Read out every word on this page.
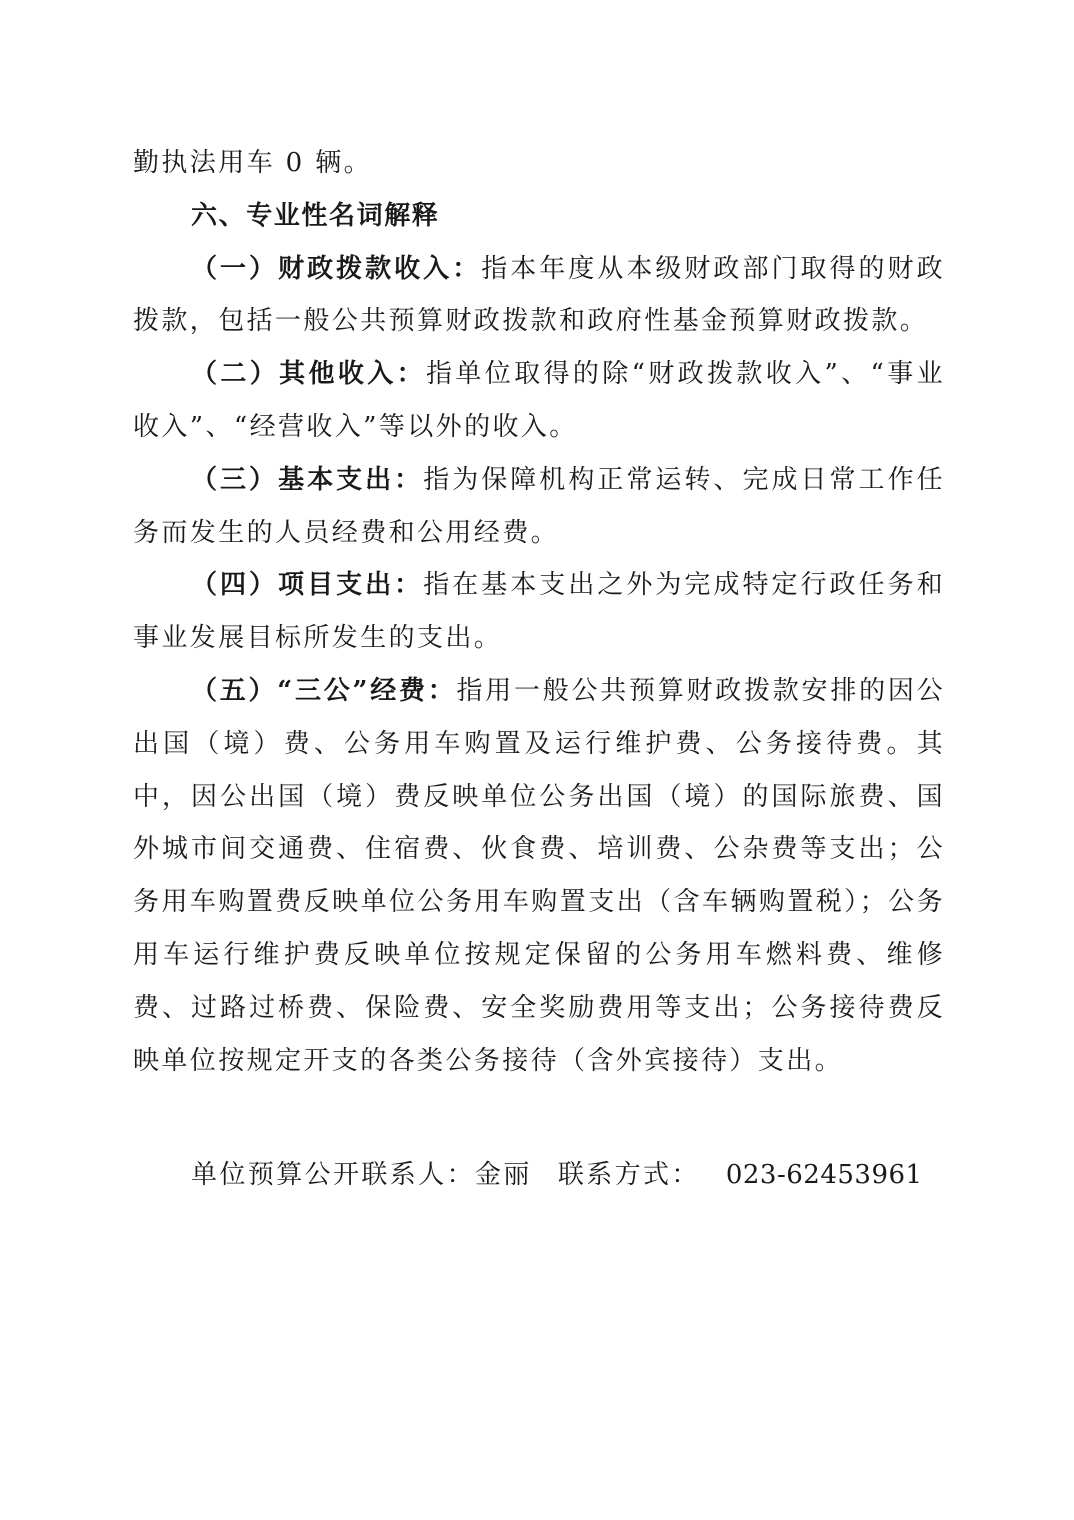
勤执法用车 0 辆。

六、专业性名词解释

（一）财政拨款收入：指本年度从本级财政部门取得的财政拨款，包括一般公共预算财政拨款和政府性基金预算财政拨款。

（二）其他收入：指单位取得的除“财政拨款收入”、“事业收入”、“经营收入”等以外的收入。

（三）基本支出：指为保障机构正常运转、完成日常工作任务而发生的人员经费和公用经费。

（四）项目支出：指在基本支出之外为完成特定行政任务和事业发展目标所发生的支出。

（五）“三公”经费：指用一般公共预算财政拨款安排的因公出国（境）费、公务用车购置及运行维护费、公务接待费。其中，因公出国（境）费反映单位公务出国（境）的国际旅费、国外城市间交通费、住宿费、伙食费、培训费、公杂费等支出；公务用车购置费反映单位公务用车购置支出（含车辆购置税）；公务用车运行维护费反映单位按规定保留的公务用车燃料费、维修费、过路过桥费、保险费、安全奖励费用等支出；公务接待费反映单位按规定开支的各类公务接待（含外宾接待）支出。

单位预算公开联系人：金丽 联系方式： 023-62453961
